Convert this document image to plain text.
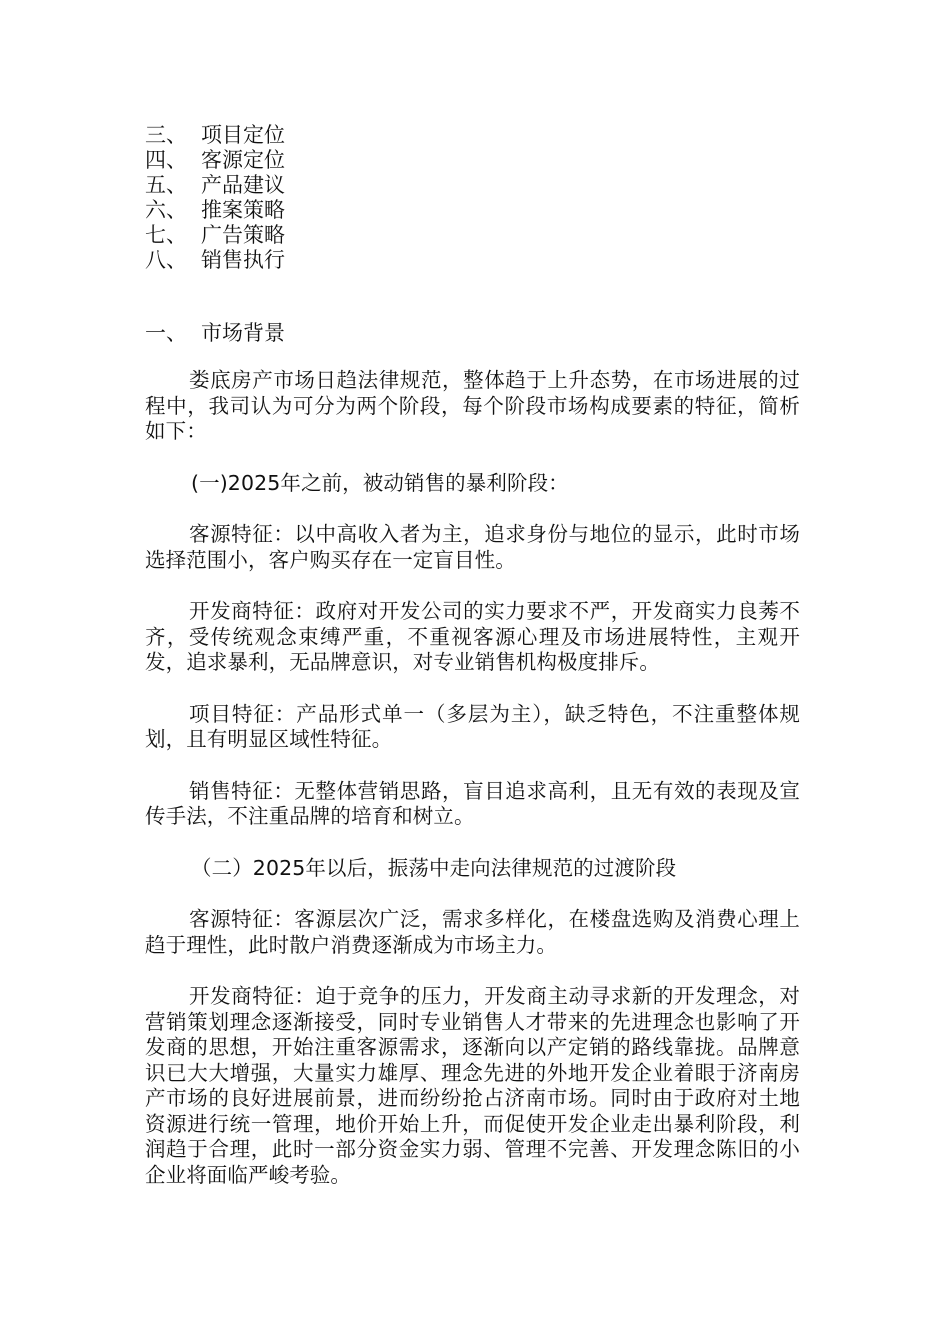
三、 项目定位
四、 客源定位
五、 产品建议
六、 推案策略
七、 广告策略
八、 销售执行
一、 市场背景

娄底房产市场日趋法律规范，整体趋于上升态势，在市场进展的过程中，我司认为可分为两个阶段，每个阶段市场构成要素的特征，简析如下：

(一)2025年之前，被动销售的暴利阶段：

客源特征：以中高收入者为主，追求身份与地位的显示，此时市场选择范围小，客户购买存在一定盲目性。

开发商特征：政府对开发公司的实力要求不严，开发商实力良莠不齐，受传统观念束缚严重，不重视客源心理及市场进展特性，主观开发，追求暴利，无品牌意识，对专业销售机构极度排斥。

项目特征：产品形式单一（多层为主），缺乏特色，不注重整体规划，且有明显区域性特征。

销售特征：无整体营销思路，盲目追求高利，且无有效的表现及宣传手法，不注重品牌的培育和树立。

（二）2025年以后，振荡中走向法律规范的过渡阶段

客源特征：客源层次广泛，需求多样化，在楼盘选购及消费心理上趋于理性，此时散户消费逐渐成为市场主力。

开发商特征：迫于竞争的压力，开发商主动寻求新的开发理念，对营销策划理念逐渐接受，同时专业销售人才带来的先进理念也影响了开发商的思想，开始注重客源需求，逐渐向以产定销的路线靠拢。品牌意识已大大增强，大量实力雄厚、理念先进的外地开发企业着眼于济南房产市场的良好进展前景，进而纷纷抢占济南市场。同时由于政府对土地资源进行统一管理，地价开始上升，而促使开发企业走出暴利阶段，利润趋于合理，此时一部分资金实力弱、管理不完善、开发理念陈旧的小企业将面临严峻考验。
